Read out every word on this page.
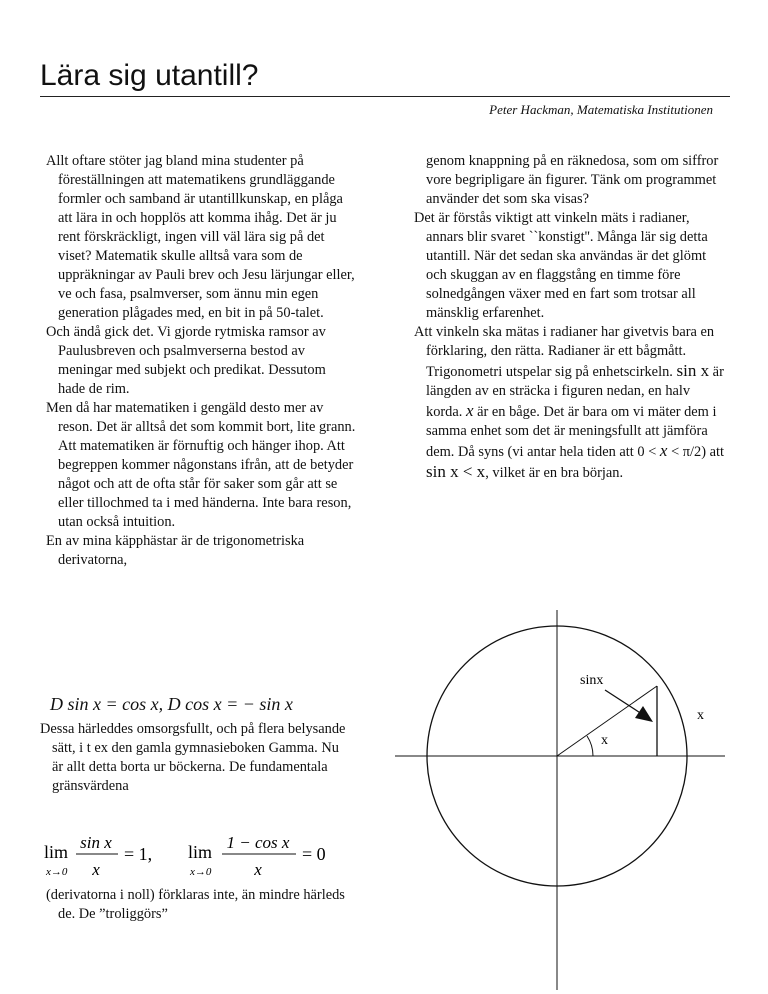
Lära sig utantill?
Peter Hackman, Matematiska Institutionen

Allt oftare stöter jag bland mina studenter på föreställningen att matematikens grundläggande formler och samband är utantillkunskap, en plåga att lära in och hopplös att komma ihåg. Det är ju rent förskräckligt, ingen vill väl lära sig på det viset? Matematik skulle alltså vara som de uppräkningar av Pauli brev och Jesu lärjungar eller, ve och fasa, psalmverser, som ännu min egen generation plågades med, en bit in på 50-talet.

Och ändå gick det. Vi gjorde rytmiska ramsor av Paulusbreven och psalmverserna bestod av meningar med subjekt och predikat. Dessutom hade de rim.

Men då har matematiken i gengäld desto mer av reson. Det är alltså det som kommit bort, lite grann. Att matematiken är förnuftig och hänger ihop. Att begreppen kommer någonstans ifrån, att de betyder något och att de ofta står för saker som går att se eller tillochmed ta i med händerna. Inte bara reson, utan också intuition.

En av mina käpphästar är de trigonometriska derivatorna,

D sin x = cos x, D cos x = − sin x

Dessa härleddes omsorgsfullt, och på flera belysande sätt, i t ex den gamla gymnasieboken Gamma. Nu är allt detta borta ur böckerna. De fundamentala gränsvärdena

lim
x→0
sin x
x
= 1, lim
x→0
1 − cos x
x
= 0

(derivatorna i noll) förklaras inte, än mindre härleds de. De ”troliggörs”

genom knappning på en räknedosa, som om siffror vore begripligare än figurer. Tänk om programmet använder det som ska visas?

Det är förstås viktigt att vinkeln mäts i radianer, annars blir svaret ``konstigt''. Många lär sig detta utantill. När det sedan ska användas är det glömt och skuggan av en flaggstång en timme före solnedgången växer med en fart som trotsar all mänsklig erfarenhet.

Att vinkeln ska mätas i radianer har givetvis bara en förklaring, den rätta. Radianer är ett bågmått. Trigonometri utspelar sig på enhetscirkeln. sin x är längden av en sträcka i figuren nedan, en halv korda. x är en båge. Det är bara om vi mäter dem i samma enhet som det är meningsfullt att jämföra dem. Då syns (vi antar hela tiden att 0 < x < π/2) att sin x < x, vilket är en bra början.

sinx
x
x
